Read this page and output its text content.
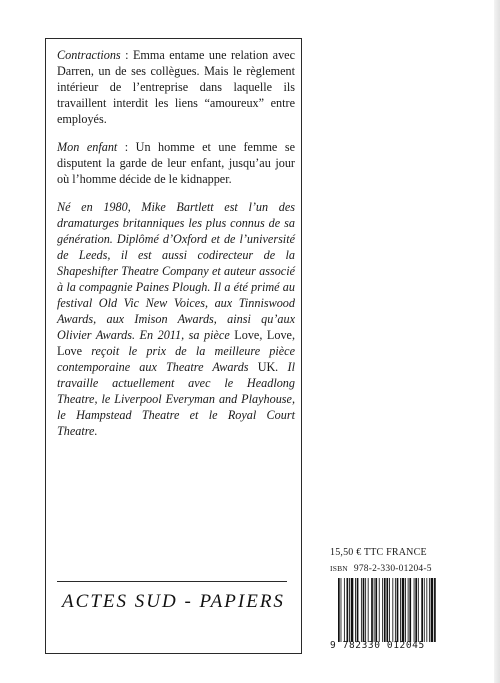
Contractions : Emma entame une relation avec Darren, un de ses collègues. Mais le règlement intérieur de l’entreprise dans laquelle ils travaillent interdit les liens “amoureux” entre employés.

Mon enfant : Un homme et une femme se disputent la garde de leur enfant, jusqu’au jour où l’homme décide de le kidnapper.

Né en 1980, Mike Bartlett est l’un des dramaturges britanniques les plus connus de sa génération. Diplômé d’Oxford et de l’université de Leeds, il est aussi codirecteur de la Shapeshifter Theatre Company et auteur associé à la compagnie Paines Plough. Il a été primé au festival Old Vic New Voices, aux Tinniswood Awards, aux Imison Awards, ainsi qu’aux Olivier Awards. En 2011, sa pièce Love, Love, Love reçoit le prix de la meilleure pièce contemporaine aux Theatre Awards UK. Il travaille actuellement avec le Headlong Theatre, le Liverpool Everyman and Playhouse, le Hampstead Theatre et le Royal Court Theatre.

ACTES SUD - PAPIERS
15,50 € TTC FRANCE
ISBN 978-2-330-01204-5
9 782330 012045
